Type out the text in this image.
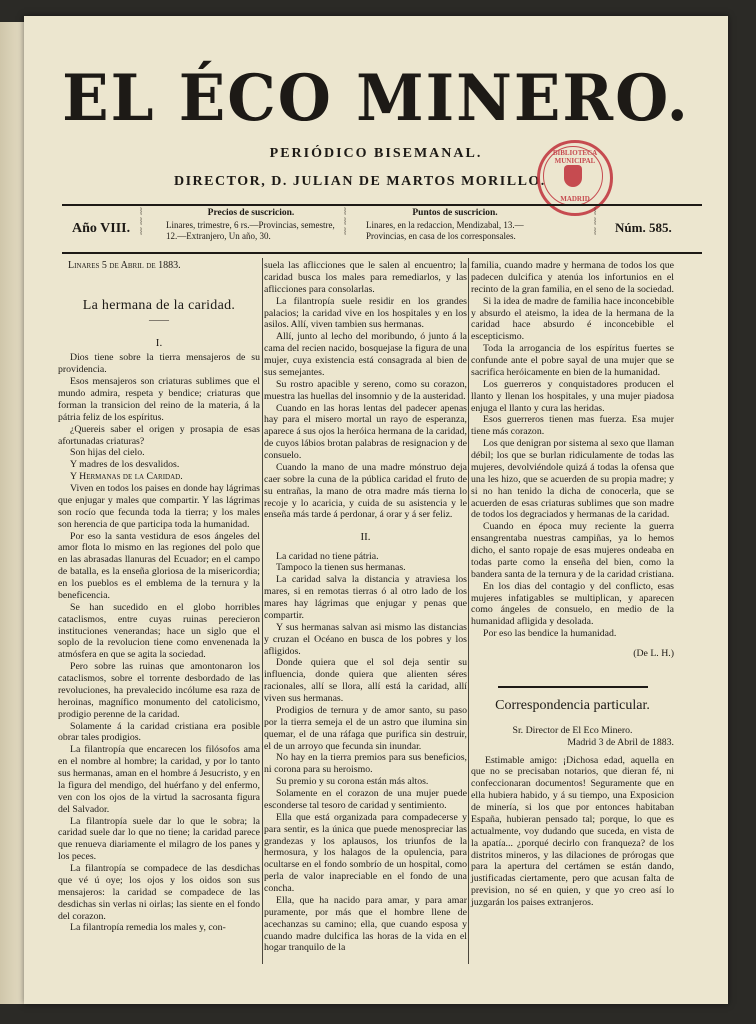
EL ÉCO MINERO.
PERIÓDICO BISEMANAL.
DIRECTOR, D. JULIAN DE MARTOS MORILLO.
BIBLIOTECA MUNICIPAL
MADRID
Año VIII.
⦚
⦚
⦚
Precios de suscricion.
Linares, trimestre, 6 rs.—Provincias, semestre, 12.—Extranjero, Un año, 30.
⦚
⦚
⦚
Puntos de suscricion.
Linares, en la redaccion, Mendizabal, 13.—Provincias, en casa de los corresponsales.
⦚
⦚
⦚ Núm. 585.
Linares 5 de Abril de 1883.
La hermana de la caridad.
——
I.

Dios tiene sobre la tierra mensajeros de su providencia.

Esos mensajeros son criaturas sublimes que el mundo admira, respeta y bendice; criaturas que forman la transicion del reino de la materia, á la pátria feliz de los espíritus.

¿Quereis saber el origen y prosapia de esas afortunadas criaturas?

Son hijas del cielo.

Y madres de los desvalidos.

Y Hermanas de la Caridad.

Viven en todos los paises en donde hay lágrimas que enjugar y males que compartir. Y las lágrimas son rocío que fecunda toda la tierra; y los males son herencia de que participa toda la humanidad.

Por eso la santa vestidura de esos ángeles del amor flota lo mismo en las regiones del polo que en las abrasadas llanuras del Ecuador; en el campo de batalla, es la enseña gloriosa de la misericordia; en los pueblos es el emblema de la ternura y la beneficencia.

Se han sucedido en el globo horribles cataclismos, entre cuyas ruinas perecieron instituciones venerandas; hace un siglo que el soplo de la revolucion tiene como envenenada la atmósfera en que se agita la sociedad.

Pero sobre las ruinas que amontonaron los cataclismos, sobre el torrente desbordado de las revoluciones, ha prevalecido incólume esa raza de heroinas, magnífico monumento del catolicismo, prodigio perenne de la caridad.

Solamente á la caridad cristiana era posible obrar tales prodigios.

La filantropía que encarecen los filósofos ama en el nombre al hombre; la caridad, y por lo tanto sus hermanas, aman en el hombre á Jesucristo, y en la figura del mendigo, del huérfano y del enfermo, ven con los ojos de la virtud la sacrosanta figura del Salvador.

La filantropía suele dar lo que le sobra; la caridad suele dar lo que no tiene; la caridad parece que renueva diariamente el milagro de los panes y los peces.

La filantropía se compadece de las desdichas que vé ú oye; los ojos y los oidos son sus mensajeros: la caridad se compadece de las desdichas sin verlas ni oirlas; las siente en el fondo del corazon.

La filantropía remedia los males y, con-

suela las aflicciones que le salen al encuentro; la caridad busca los males para remediarlos, y las aflicciones para consolarlas.

La filantropía suele residir en los grandes palacios; la caridad vive en los hospitales y en los asilos. Allí, viven tambien sus hermanas.

Allí, junto al lecho del moribundo, ó junto á la cama del recien nacido, bosquejase la figura de una mujer, cuya existencia está consagrada al bien de sus semejantes.

Su rostro apacible y sereno, como su corazon, muestra las huellas del insomnio y de la austeridad.

Cuando en las horas lentas del padecer apenas hay para el misero mortal un rayo de esperanza, aparece á sus ojos la heróica hermana de la caridad, de cuyos lábios brotan palabras de resignacion y de consuelo.

Cuando la mano de una madre mónstruo deja caer sobre la cuna de la pública caridad el fruto de su entrañas, la mano de otra madre más tierna lo recoje y lo acaricia, y cuida de su asistencia y le enseña más tarde á perdonar, á orar y á ser feliz.

II.

La caridad no tiene pátria.

Tampoco la tienen sus hermanas.

La caridad salva la distancia y atraviesa los mares, si en remotas tierras ó al otro lado de los mares hay lágrimas que enjugar y penas que compartir.

Y sus hermanas salvan asi mismo las distancias y cruzan el Océano en busca de los pobres y los afligidos.

Donde quiera que el sol deja sentir su influencia, donde quiera que alienten séres racionales, allí se llora, allí está la caridad, allí viven sus hermanas.

Prodigios de ternura y de amor santo, su paso por la tierra semeja el de un astro que ilumina sin quemar, el de una ráfaga que purifica sin destruir, el de un arroyo que fecunda sin inundar.

No hay en la tierra premios para sus beneficios, ni corona para su heroismo.

Su premio y su corona están más altos.

Solamente en el corazon de una mujer puede esconderse tal tesoro de caridad y sentimiento.

Ella que está organizada para compadecerse y para sentir, es la única que puede menospreciar las grandezas y los aplausos, los triunfos de la hermosura, y los halagos de la opulencia, para ocultarse en el fondo sombrío de un hospital, como perla de valor inapreciable en el fondo de una concha.

Ella, que ha nacido para amar, y para amar puramente, por más que el hombre llene de acechanzas su camino; ella, que cuando esposa y cuando madre dulcifica las horas de la vida en el hogar tranquilo de la

familia, cuando madre y hermana de todos los que padecen dulcifica y atenúa los infortunios en el recinto de la gran familia, en el seno de la sociedad.

Si la idea de madre de familia hace inconcebible y absurdo el ateismo, la idea de la hermana de la caridad hace absurdo é inconcebible el escepticismo.

Toda la arrogancia de los espíritus fuertes se confunde ante el pobre sayal de una mujer que se sacrifica heróicamente en bien de la humanidad.

Los guerreros y conquistadores producen el llanto y llenan los hospitales, y una mujer piadosa enjuga el llanto y cura las heridas.

Esos guerreros tienen mas fuerza. Esa mujer tiene más corazon.

Los que denigran por sistema al sexo que llaman débil; los que se burlan ridiculamente de todas las mujeres, devolviéndole quizá á todas la ofensa que una les hizo, que se acuerden de su propia madre; y si no han tenido la dicha de conocerla, que se acuerden de esas criaturas sublimes que son madre de todos los degraciados y hermanas de la caridad.

Cuando en época muy reciente la guerra ensangrentaba nuestras campiñas, ya lo hemos dicho, el santo ropaje de esas mujeres ondeaba en todas parte como la enseña del bien, como la bandera santa de la ternura y de la caridad cristiana.

En los dias del contagio y del conflicto, esas mujeres infatigables se multiplican, y aparecen como ángeles de consuelo, en medio de la humanidad afligida y desolada.

Por eso las bendice la humanidad.

(De L. H.)

Correspondencia particular.

Sr. Director de El Eco Minero.

Madrid 3 de Abril de 1883.

Estimable amigo: ¡Dichosa edad, aquella en que no se precisaban notarios, que dieran fé, ni confeccionaran documentos! Seguramente que en ella hubiera habido, y á su tiempo, una Exposicion de minería, si los que por entonces habitaban España, hubieran pensado tal; porque, lo que es actualmente, voy dudando que suceda, en vista de la apatía... ¿porqué decirlo con franqueza? de los distritos mineros, y las dilaciones de prórogas que para la apertura del certámen se están dando, justificadas ciertamente, pero que acusan falta de prevision, no sé en quien, y que yo creo así lo juzgarán los paises extranjeros.
